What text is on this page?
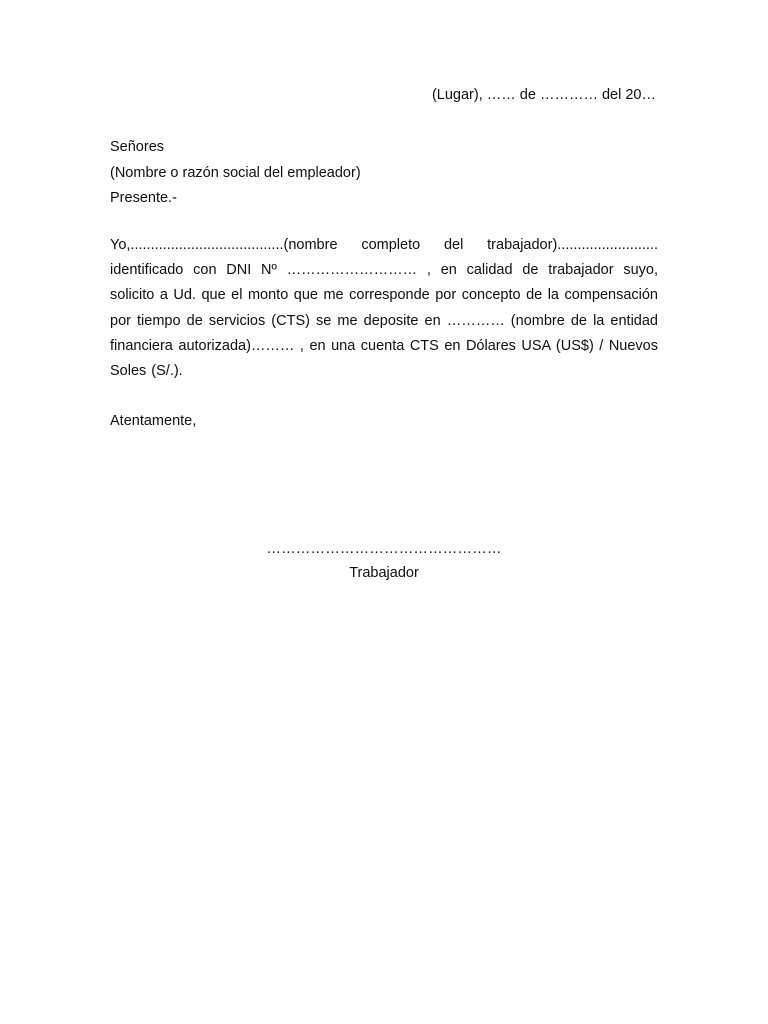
(Lugar), …… de ………… del 20…
Señores
(Nombre o razón social del empleador)
Presente.-
Yo,......................................(nombre completo del trabajador)......................... identificado con DNI Nº ……………………… , en calidad de trabajador suyo, solicito a Ud. que el monto que me corresponde por concepto de la compensación por tiempo de servicios (CTS) se me deposite en ………… (nombre de la entidad financiera autorizada)……… , en una cuenta CTS en Dólares USA (US$) / Nuevos Soles (S/.).
Atentamente,
…………………………………………
Trabajador
